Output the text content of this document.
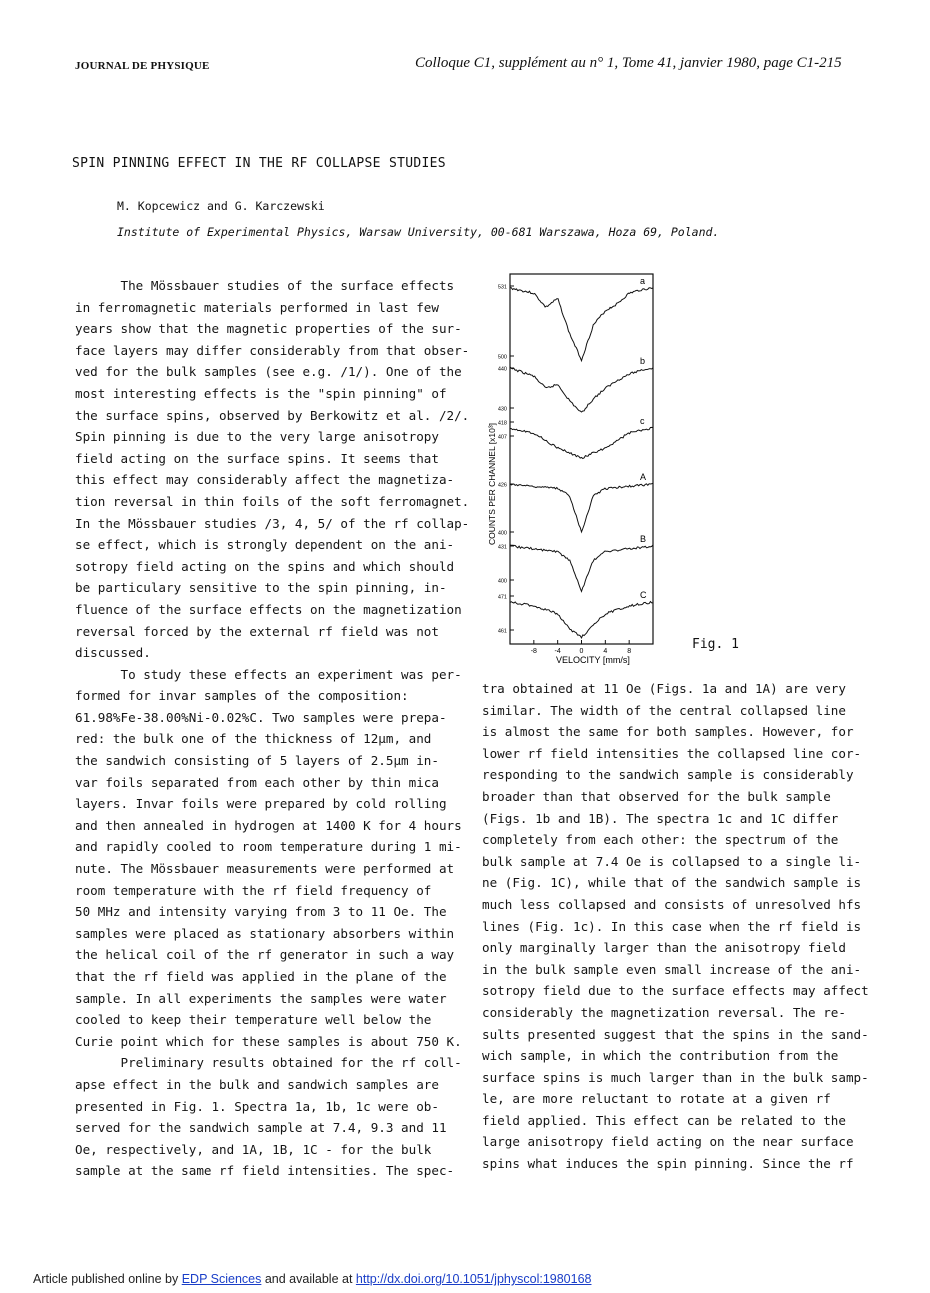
JOURNAL DE PHYSIQUE	Colloque C1, supplément au n° 1, Tome 41, janvier 1980, page C1-215
SPIN PINNING EFFECT IN THE RF COLLAPSE STUDIES
M. Kopcewicz and G. Karczewski
Institute of Experimental Physics, Warsaw University, 00-681 Warszawa, Hoza 69, Poland.

The Mössbauer studies of the surface effects

in ferromagnetic materials performed in last few

years show that the magnetic properties of the sur-

face layers may differ considerably from that obser-

ved for the bulk samples (see e.g. /1/). One of the

most interesting effects is the "spin pinning" of

the surface spins, observed by Berkowitz et al. /2/.

Spin pinning is due to the very large anisotropy

field acting on the surface spins. It seems that

this effect may considerably affect the magnetiza-

tion reversal in thin foils of the soft ferromagnet.

In the Mössbauer studies /3, 4, 5/ of the rf collap-

se effect, which is strongly dependent on the ani-

sotropy field acting on the spins and which should

be particulary sensitive to the spin pinning, in-

fluence of the surface effects on the magnetization

reversal forced by the external rf field was not

discussed.

To study these effects an experiment was per-

formed for invar samples of the composition:

61.98%Fe-38.00%Ni-0.02%C. Two samples were prepa-

red: the bulk one of the thickness of 12μm, and

the sandwich consisting of 5 layers of 2.5μm in-

var foils separated from each other by thin mica

layers. Invar foils were prepared by cold rolling

and then annealed in hydrogen at 1400 K for 4 hours

and rapidly cooled to room temperature during 1 mi-

nute. The Mössbauer measurements were performed at

room temperature with the rf field frequency of

50 MHz and intensity varying from 3 to 11 Oe. The

samples were placed as stationary absorbers within

the helical coil of the rf generator in such a way

that the rf field was applied in the plane of the

sample. In all experiments the samples were water

cooled to keep their temperature well below the

Curie point which for these samples is about 750 K.

Preliminary results obtained for the rf coll-

apse effect in the bulk and sandwich samples are

presented in Fig. 1. Spectra 1a, 1b, 1c were ob-

served for the sandwich sample at 7.4, 9.3 and 11

Oe, respectively, and 1A, 1B, 1C - for the bulk

sample at the same rf field intensities. The spec-

tra obtained at 11 Oe (Figs. 1a and 1A) are very

similar. The width of the central collapsed line

is almost the same for both samples. However, for

lower rf field intensities the collapsed line cor-

responding to the sandwich sample is considerably

broader than that observed for the bulk sample

(Figs. 1b and 1B). The spectra 1c and 1C differ

completely from each other: the spectrum of the

bulk sample at 7.4 Oe is collapsed to a single li-

ne (Fig. 1C), while that of the sandwich sample is

much less collapsed and consists of unresolved hfs

lines (Fig. 1c). In this case when the rf field is

only marginally larger than the anisotropy field

in the bulk sample even small increase of the ani-

sotropy field due to the surface effects may affect

considerably the magnetization reversal. The re-

sults presented suggest that the spins in the sand-

wich sample, in which the contribution from the

surface spins is much larger than in the bulk samp-

le, are more reluctant to rotate at a given rf

field applied. This effect can be related to the

large anisotropy field acting on the near surface

spins what induces the spin pinning. Since the rf

531
500
440
430
418
407
426
400
431
400
471
461
-8	-4	0	4	8
a
b
c
A
B
C
VELOCITY [mm/s]
COUNTS PER CHANNEL [x10³]
Fig. 1
Article published online by EDP Sciences and available at http://dx.doi.org/10.1051/jphyscol:1980168
